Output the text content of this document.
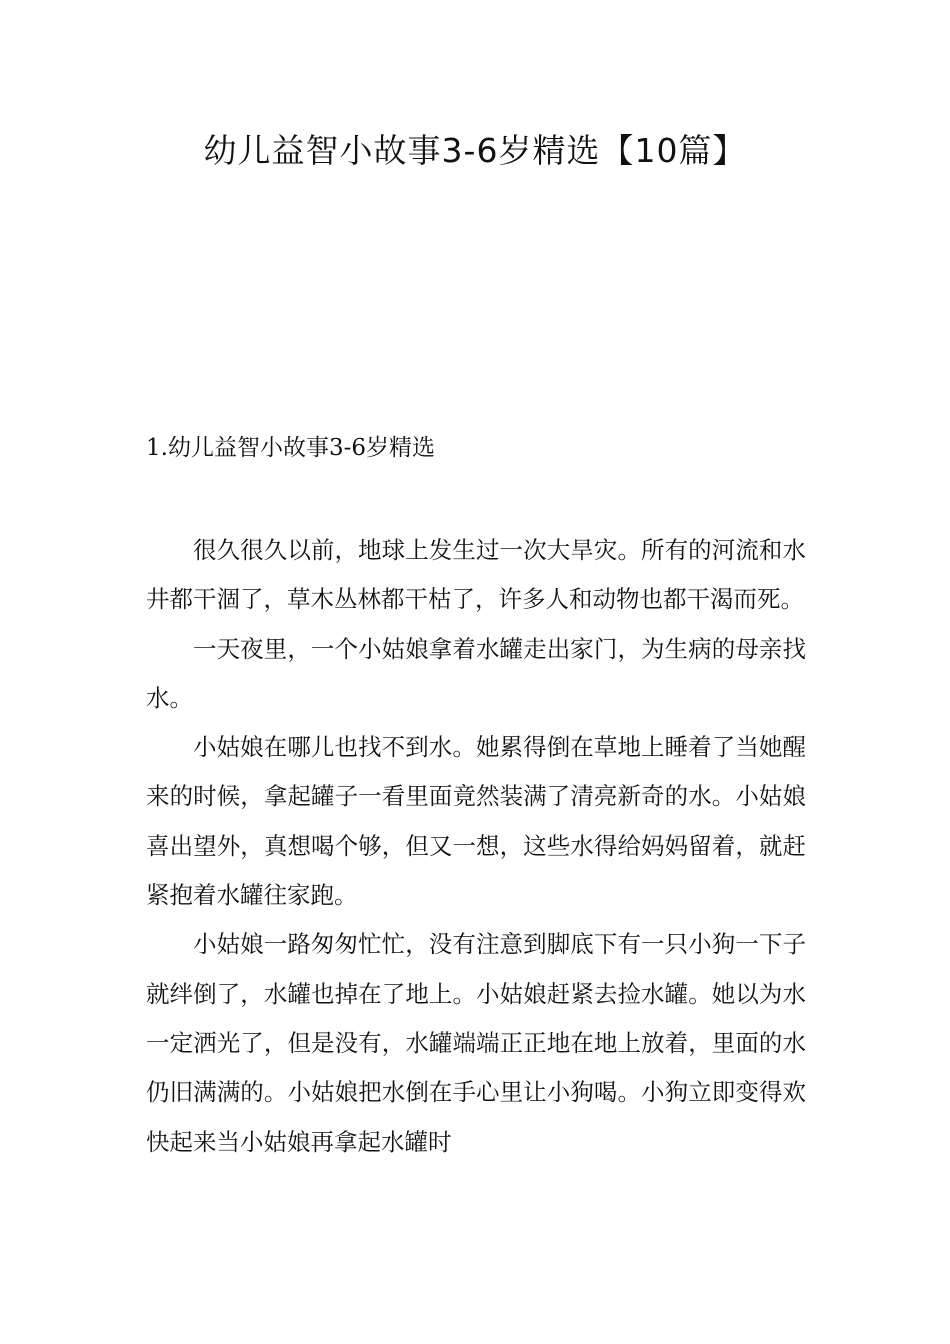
幼儿益智小故事3-6岁精选【10篇】
1.幼儿益智小故事3-6岁精选

很久很久以前，地球上发生过一次大旱灾。所有的河流和水井都干涸了，草木丛林都干枯了，许多人和动物也都干渴而死。

一天夜里，一个小姑娘拿着水罐走出家门，为生病的母亲找水。

小姑娘在哪儿也找不到水。她累得倒在草地上睡着了当她醒来的时候，拿起罐子一看里面竟然装满了清亮新奇的水。小姑娘喜出望外，真想喝个够，但又一想，这些水得给妈妈留着，就赶紧抱着水罐往家跑。

小姑娘一路匆匆忙忙，没有注意到脚底下有一只小狗一下子就绊倒了，水罐也掉在了地上。小姑娘赶紧去捡水罐。她以为水一定洒光了，但是没有，水罐端端正正地在地上放着，里面的水仍旧满满的。小姑娘把水倒在手心里让小狗喝。小狗立即变得欢快起来当小姑娘再拿起水罐时
